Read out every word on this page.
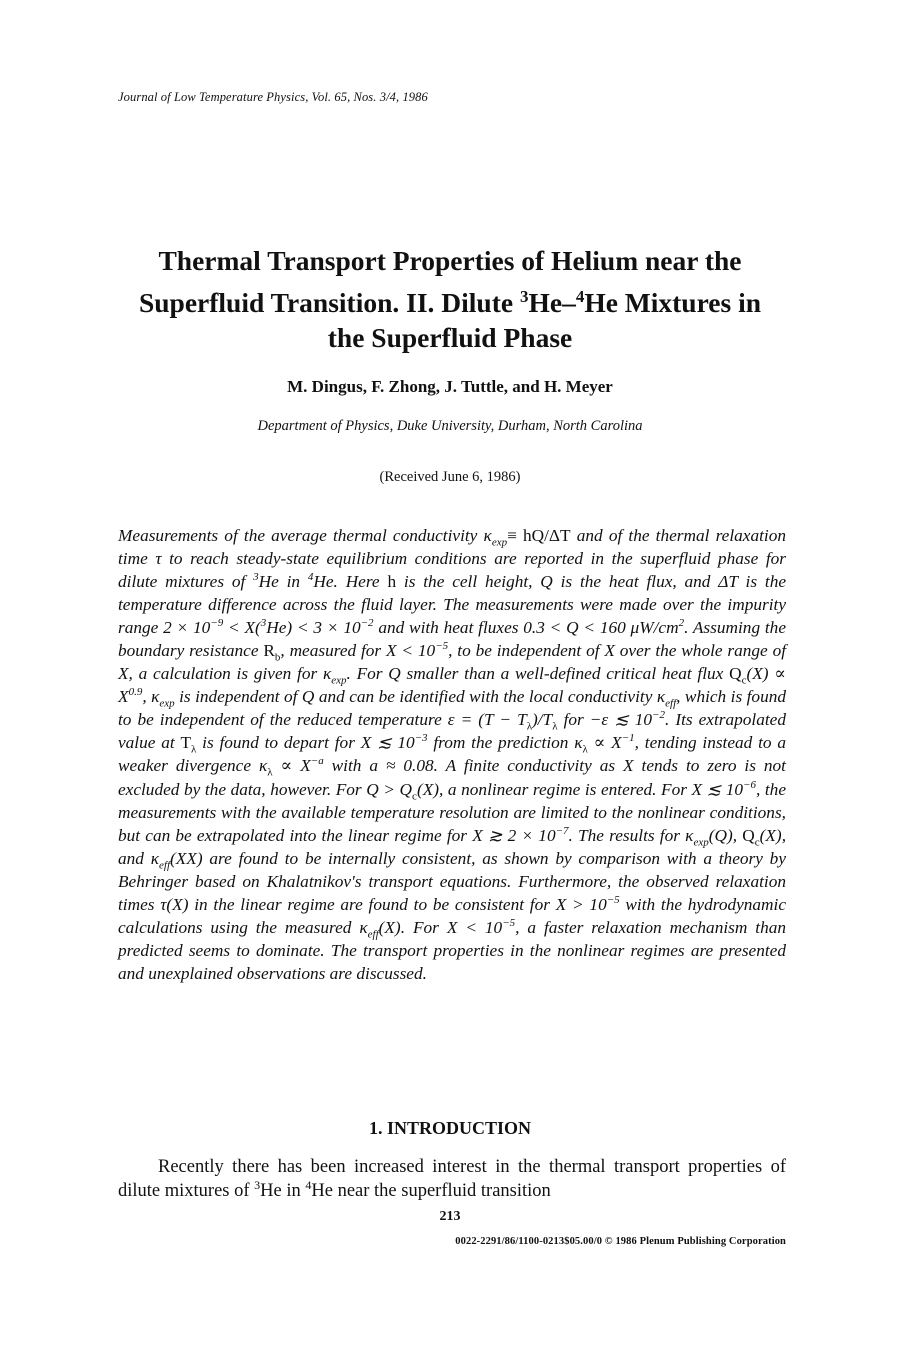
Journal of Low Temperature Physics, Vol. 65, Nos. 3/4, 1986
Thermal Transport Properties of Helium near the
Superfluid Transition. II. Dilute $^3$He–$^4$He Mixtures in
the Superfluid Phase
M. Dingus, F. Zhong, J. Tuttle, and H. Meyer
Department of Physics, Duke University, Durham, North Carolina
(Received June 6, 1986)
Measurements of the average thermal conductivity $\kappa_{exp}\equiv hQ/\Delta T$ and of the thermal relaxation time τ to reach steady-state equilibrium conditions are reported in the superfluid phase for dilute mixtures of $^3$He in $^4$He. Here h is the cell height, Q is the heat flux, and ΔT is the temperature difference across the fluid layer. The measurements were made over the impurity range $2 \times 10^{-9} < X(^3He) < 3 \times 10^{-2}$ and with heat fluxes 0.3 < Q < 160 $\mu W/cm^2$. Assuming the boundary resistance $R_b$, measured for $X < 10^{-5}$, to be independent of X over the whole range of X, a calculation is given for $\kappa_{exp}$. For Q smaller than a well-defined critical heat flux $Q_c(X) \propto X^{0.9}$, $\kappa_{exp}$ is independent of Q and can be identified with the local conductivity $\kappa_{eff}$, which is found to be independent of the reduced temperature $\varepsilon = (T - T_\lambda)/T_\lambda$ for −ε ≲ $10^{-2}$. Its extrapolated value at $T_\lambda$ is found to depart for X ≲ $10^{-3}$ from the prediction $\kappa_\lambda \propto X^{-1}$, tending instead to a weaker divergence $\kappa_\lambda \propto X^{-a}$ with a ≈ 0.08. A finite conductivity as X tends to zero is not excluded by the data, however. For $Q > Q_c(X)$, a nonlinear regime is entered. For X ≲ $10^{-6}$, the measurements with the available temperature resolution are limited to the nonlinear conditions, but can be extrapolated into the linear regime for X ≳ $2 \times 10^{-7}$. The results for $\kappa_{exp}(Q)$, $Q_c(X)$, and $\kappa_{eff}(XX)$ are found to be internally consistent, as shown by comparison with a theory by Behringer based on Khalatnikov's transport equations. Furthermore, the observed relaxation times τ(X) in the linear regime are found to be consistent for $X > 10^{-5}$ with the hydrodynamic calculations using the measured $\kappa_{eff}(X)$. For $X < 10^{-5}$, a faster relaxation mechanism than predicted seems to dominate. The transport properties in the nonlinear regimes are presented and unexplained observations are discussed.
1. INTRODUCTION
Recently there has been increased interest in the thermal transport properties of dilute mixtures of $^3$He in $^4$He near the superfluid transition
213
0022-2291/86/1100-0213$05.00/0 © 1986 Plenum Publishing Corporation
